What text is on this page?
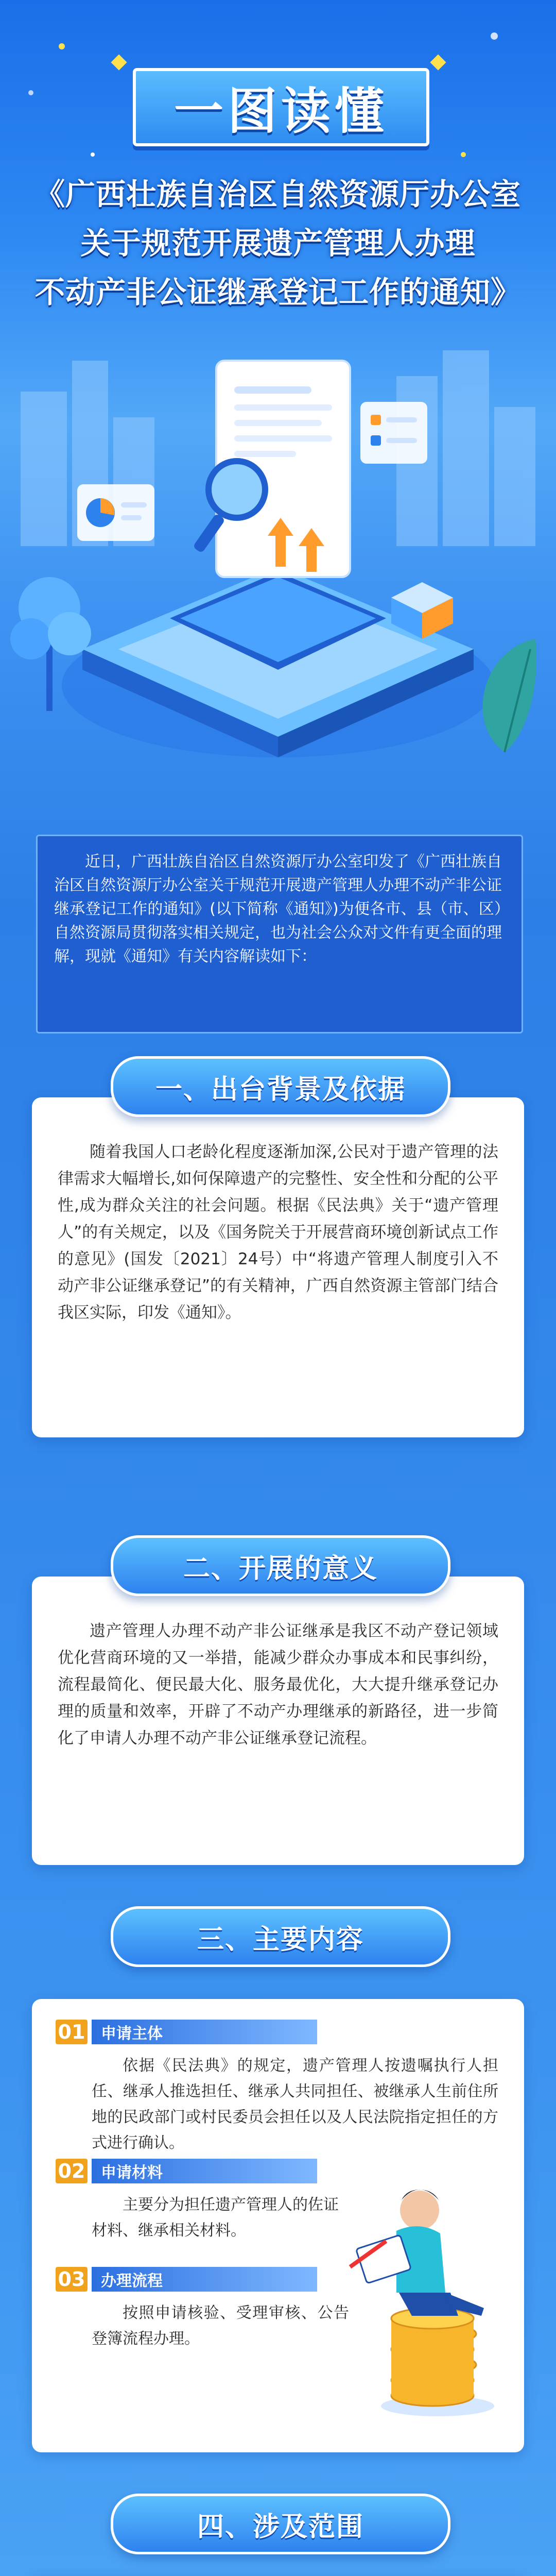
一图读懂
《广西壮族自治区自然资源厅办公室
关于规范开展遗产管理人办理
不动产非公证继承登记工作的通知》
近日，广西壮族自治区自然资源厅办公室印发了《广西壮族自治区自然资源厅办公室关于规范开展遗产管理人办理不动产非公证继承登记工作的通知》(以下简称《通知》)为便各市、县（市、区）自然资源局贯彻落实相关规定，也为社会公众对文件有更全面的理解，现就《通知》有关内容解读如下：
一、出台背景及依据
随着我国人口老龄化程度逐渐加深,公民对于遗产管理的法律需求大幅增长,如何保障遗产的完整性、安全性和分配的公平性,成为群众关注的社会问题。根据《民法典》关于“遗产管理人”的有关规定，以及《国务院关于开展营商环境创新试点工作的意见》(国发〔2021〕24号）中“将遗产管理人制度引入不动产非公证继承登记”的有关精神，广西自然资源主管部门结合我区实际，印发《通知》。
二、开展的意义
遗产管理人办理不动产非公证继承是我区不动产登记领域优化营商环境的又一举措，能减少群众办事成本和民事纠纷，流程最简化、便民最大化、服务最优化，大大提升继承登记办理的质量和效率，开辟了不动产办理继承的新路径，进一步简化了申请人办理不动产非公证继承登记流程。
三、主要内容
01	申请主体
依据《民法典》的规定，遗产管理人按遗嘱执行人担任、继承人推选担任、继承人共同担任、被继承人生前住所地的民政部门或村民委员会担任以及人民法院指定担任的方式进行确认。
02	申请材料
主要分为担任遗产管理人的佐证材料、继承相关材料。
03	办理流程
按照申请核验、受理审核、公告登簿流程办理。
四、涉及范围
